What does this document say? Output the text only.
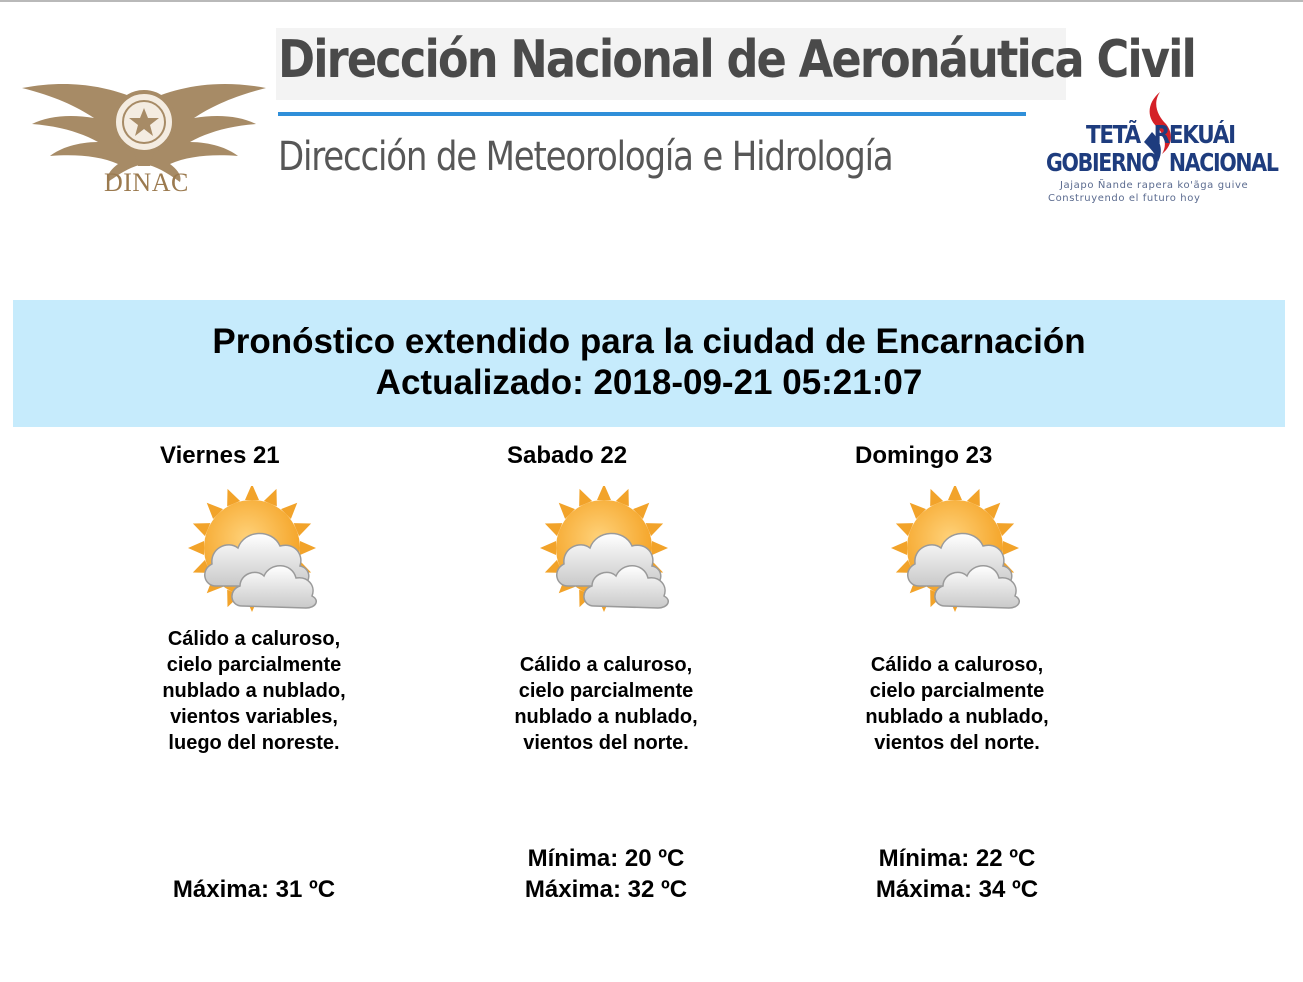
DINAC
Dirección Nacional de Aeronáutica Civil
Dirección de Meteorología e Hidrología	TETÃ REKUÁI
GOBIERNO NACIONAL
Jajapo Ñande rapera ko'ãga guive
Construyendo el futuro hoy
Pronóstico extendido para la ciudad de Encarnación
Actualizado: 2018-09-21 05:21:07
Viernes 21
Cálido a caluroso, cielo parcialmente nublado a nublado, vientos variables, luego del noreste.
Máxima: 31 ºC
Sabado 22
Cálido a caluroso, cielo parcialmente nublado a nublado, vientos del norte.
Mínima: 20 ºC
Máxima: 32 ºC
Domingo 23
Cálido a caluroso, cielo parcialmente nublado a nublado, vientos del norte.
Mínima: 22 ºC
Máxima: 34 ºC
